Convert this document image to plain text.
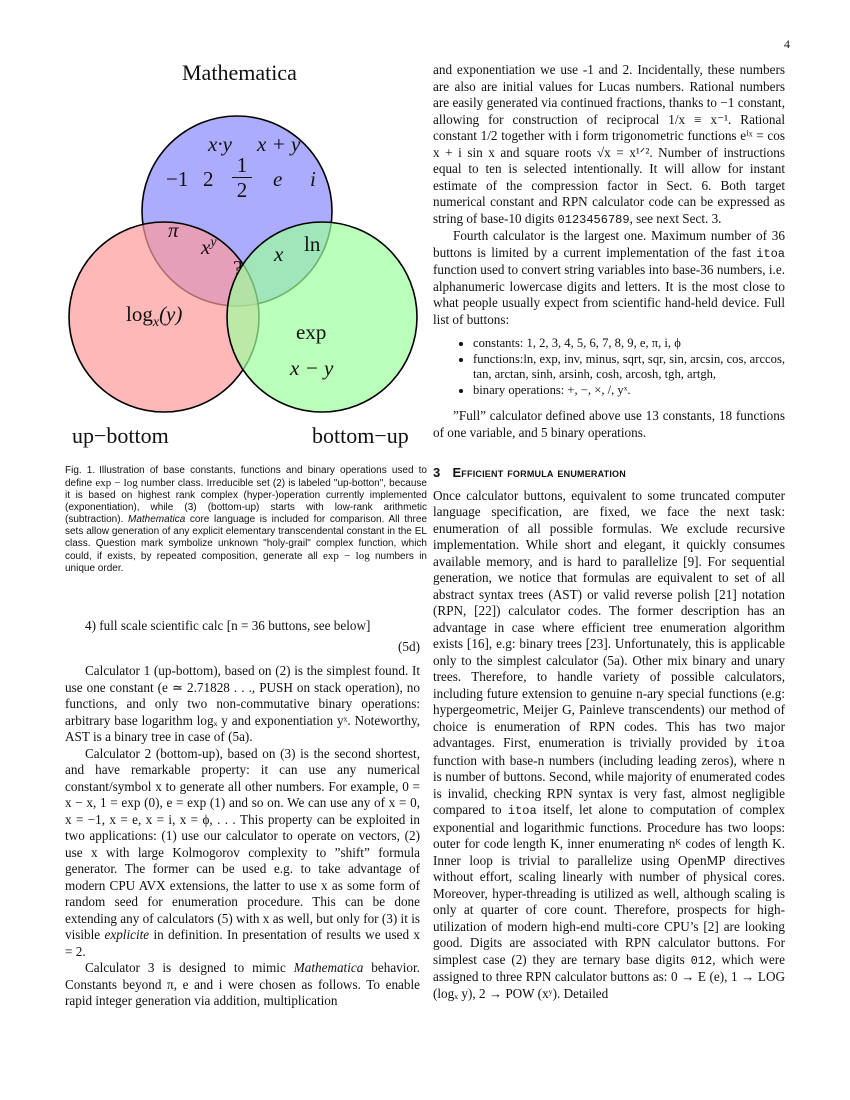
4
Mathematica
x·y x + y
−1 2
1
2	e i
π
$x^y$
?
x ln
$\log_x(y)$
exp
x − y
up−bottom	bottom−up
Fig. 1. Illustration of base constants, functions and binary operations used to define exp − log number class. Irreducible set (2) is labeled "up-botton", because it is based on highest rank complex (hyper-)operation currently implemented (exponentiation), while (3) (bottom-up) starts with low-rank arithmetic (subtraction). Mathematica core language is included for comparison. All three sets allow generation of any explicit elementary transcendental constant in the EL class. Question mark symbolize unknown "holy-grail" complex function, which could, if exists, by repeated composition, generate all exp − log numbers in unique order.
4) full scale scientific calc [n = 36 buttons, see below]
(5d)

Calculator 1 (up-bottom), based on (2) is the simplest found. It use one constant (e ≃ 2.71828 . . ., PUSH on stack operation), no functions, and only two non-commutative binary operations: arbitrary base logarithm logₓ y and exponentiation yˣ. Noteworthy, AST is a binary tree in case of (5a).

Calculator 2 (bottom-up), based on (3) is the second shortest, and have remarkable property: it can use any numerical constant/symbol x to generate all other numbers. For example, 0 = x − x, 1 = exp (0), e = exp (1) and so on. We can use any of x = 0, x = −1, x = e, x = i, x = ϕ, . . . This property can be exploited in two applications: (1) use our calculator to operate on vectors, (2) use x with large Kolmogorov complexity to ”shift” formula generator. The former can be used e.g. to take advantage of modern CPU AVX extensions, the latter to use x as some form of random seed for enumeration procedure. This can be done extending any of calculators (5) with x as well, but only for (3) it is visible explicite in definition. In presentation of results we used x = 2.

Calculator 3 is designed to mimic Mathematica behavior. Constants beyond π, e and i were chosen as follows. To enable rapid integer generation via addition, multiplication

and exponentiation we use -1 and 2. Incidentally, these numbers are also are initial values for Lucas numbers. Rational numbers are easily generated via continued fractions, thanks to −1 constant, allowing for construction of reciprocal 1/x ≡ x⁻¹. Rational constant 1/2 together with i form trigonometric functions eⁱˣ = cos x + i sin x and square roots √x = x¹ᐟ². Number of instructions equal to ten is selected intentionally. It will allow for instant estimate of the compression factor in Sect. 6. Both target numerical constant and RPN calculator code can be expressed as string of base-10 digits 0123456789, see next Sect. 3.

Fourth calculator is the largest one. Maximum number of 36 buttons is limited by a current implementation of the fast itoa function used to convert string variables into base-36 numbers, i.e. alphanumeric lowercase digits and letters. It is the most close to what people usually expect from scientific hand-held device. Full list of buttons:

• constants: 1, 2, 3, 4, 5, 6, 7, 8, 9, e, π, i, ϕ
• functions:ln, exp, inv, minus, sqrt, sqr, sin, arcsin, cos, arccos, tan, arctan, sinh, arsinh, cosh, arcosh, tgh, artgh,
• binary operations: +, −, ×, /, yˣ.

”Full” calculator defined above use 13 constants, 18 functions of one variable, and 5 binary operations.

3 Efficient formula enumeration

Once calculator buttons, equivalent to some truncated computer language specification, are fixed, we face the next task: enumeration of all possible formulas. We exclude recursive implementation. While short and elegant, it quickly consumes available memory, and is hard to parallelize [9]. For sequential generation, we notice that formulas are equivalent to set of all abstract syntax trees (AST) or valid reverse polish [21] notation (RPN, [22]) calculator codes. The former description has an advantage in case where efficient tree enumeration algorithm exists [16], e.g: binary trees [23]. Unfortunately, this is applicable only to the simplest calculator (5a). Other mix binary and unary trees. Therefore, to handle variety of possible calculators, including future extension to genuine n-ary special functions (e.g: hypergeometric, Meijer G, Painleve transcendents) our method of choice is enumeration of RPN codes. This has two major advantages. First, enumeration is trivially provided by itoa function with base-n numbers (including leading zeros), where n is number of buttons. Second, while majority of enumerated codes is invalid, checking RPN syntax is very fast, almost negligible compared to itoa itself, let alone to computation of complex exponential and logarithmic functions. Procedure has two loops: outer for code length K, inner enumerating nᴷ codes of length K. Inner loop is trivial to parallelize using OpenMP directives without effort, scaling linearly with number of physical cores. Moreover, hyper-threading is utilized as well, although scaling is only at quarter of core count. Therefore, prospects for high-utilization of modern high-end multi-core CPU’s [2] are looking good. Digits are associated with RPN calculator buttons. For simplest case (2) they are ternary base digits 012, which were assigned to three RPN calculator buttons as: 0 → E (e), 1 → LOG (logₓ y), 2 → POW (xʸ). Detailed
